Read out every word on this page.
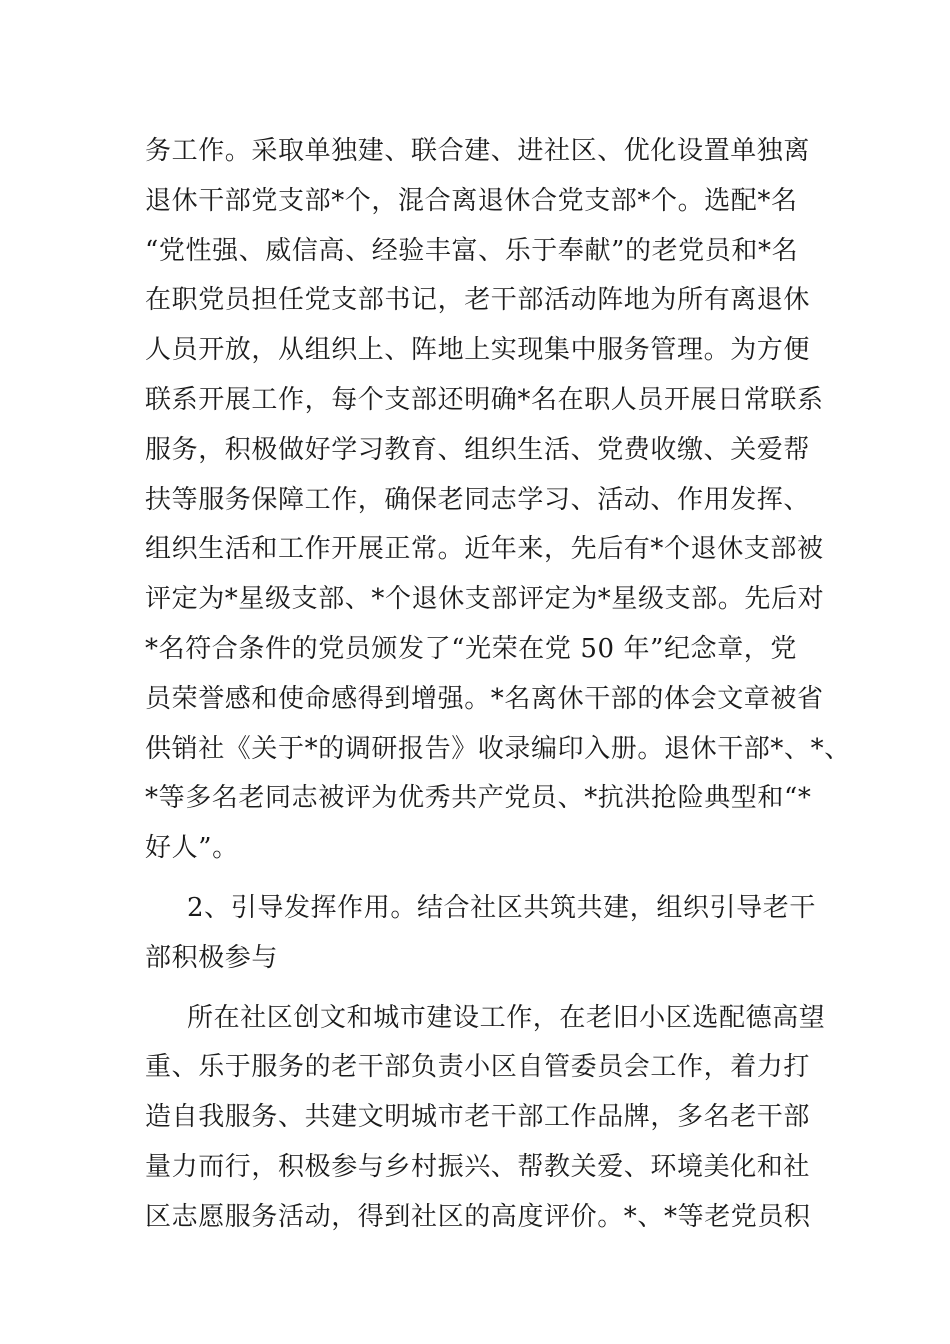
务工作。采取单独建、联合建、进社区、优化设置单独离
退休干部党支部*个，混合离退休合党支部*个。选配*名
“党性强、威信高、经验丰富、乐于奉献”的老党员和*名
在职党员担任党支部书记，老干部活动阵地为所有离退休
人员开放，从组织上、阵地上实现集中服务管理。为方便
联系开展工作，每个支部还明确*名在职人员开展日常联系
服务，积极做好学习教育、组织生活、党费收缴、关爱帮
扶等服务保障工作，确保老同志学习、活动、作用发挥、
组织生活和工作开展正常。近年来，先后有*个退休支部被
评定为*星级支部、*个退休支部评定为*星级支部。先后对
*名符合条件的党员颁发了“光荣在党 50 年”纪念章，党
员荣誉感和使命感得到增强。*名离休干部的体会文章被省
供销社《关于*的调研报告》收录编印入册。退休干部*、*、
*等多名老同志被评为优秀共产党员、*抗洪抢险典型和“*
好人”。
2、引导发挥作用。结合社区共筑共建，组织引导老干
部积极参与
所在社区创文和城市建设工作，在老旧小区选配德高望
重、乐于服务的老干部负责小区自管委员会工作，着力打
造自我服务、共建文明城市老干部工作品牌，多名老干部
量力而行，积极参与乡村振兴、帮教关爱、环境美化和社
区志愿服务活动，得到社区的高度评价。*、*等老党员积
